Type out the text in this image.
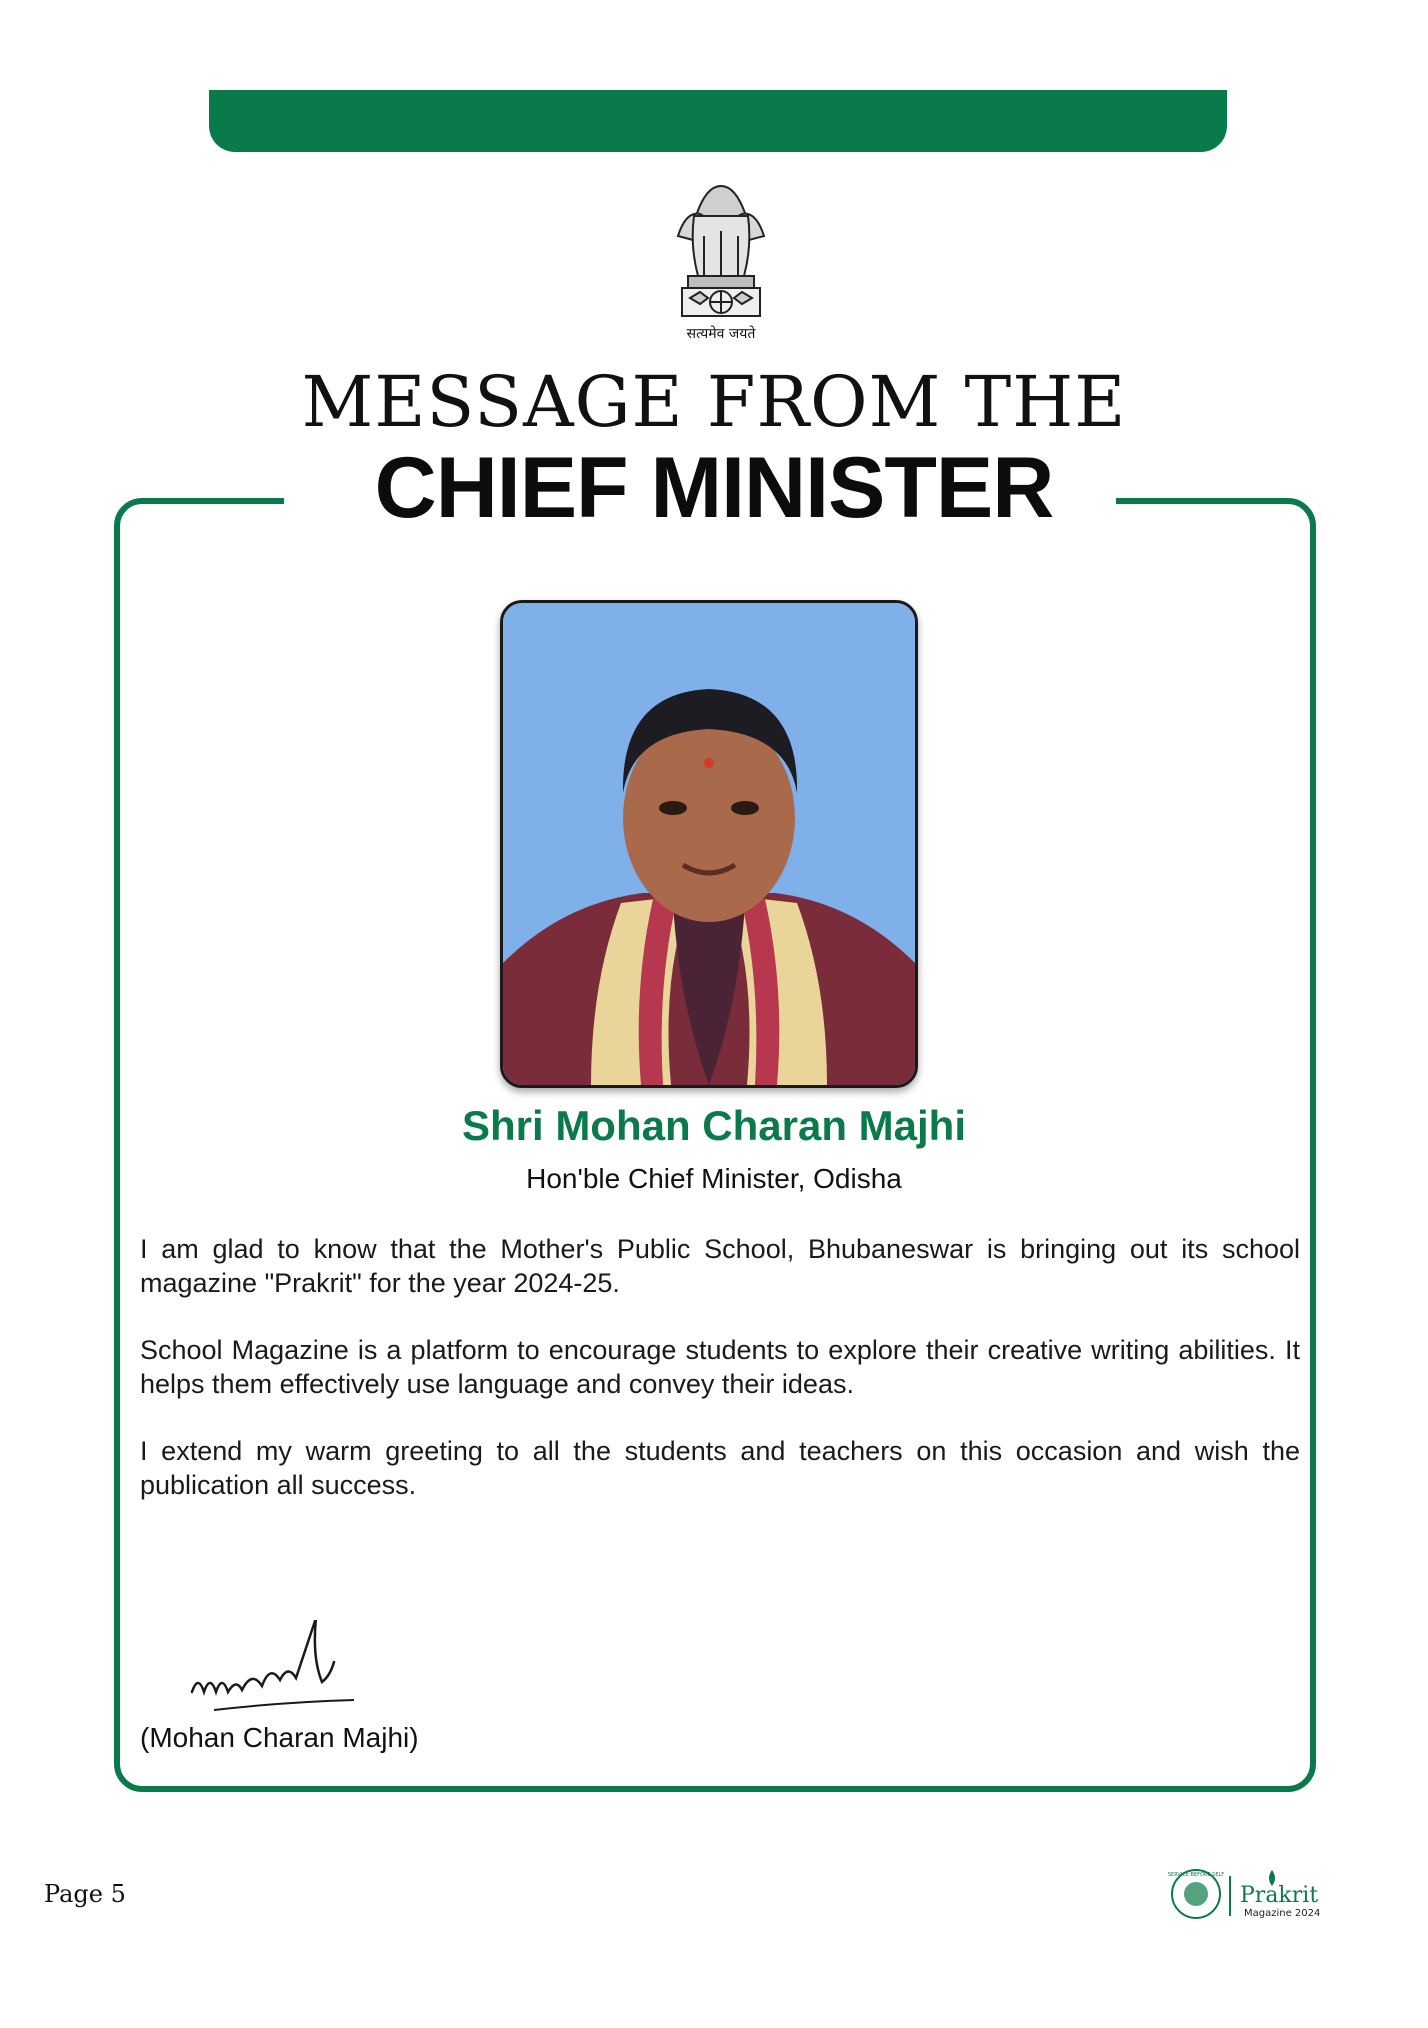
सत्यमेव जयते
MESSAGE FROM THE
CHIEF MINISTER
Shri Mohan Charan Majhi
Hon'ble Chief Minister, Odisha

I am glad to know that the Mother's Public School, Bhubaneswar is bringing out its school magazine "Prakrit" for the year 2024-25.

School Magazine is a platform to encourage students to explore their creative writing abilities. It helps them effectively use language and convey their ideas.

I extend my warm greeting to all the students and teachers on this occasion and wish the publication all success.

(Mohan Charan Majhi)
Page 5
SERVICE BEFORE SELF
Prakrit
Magazine 2024
